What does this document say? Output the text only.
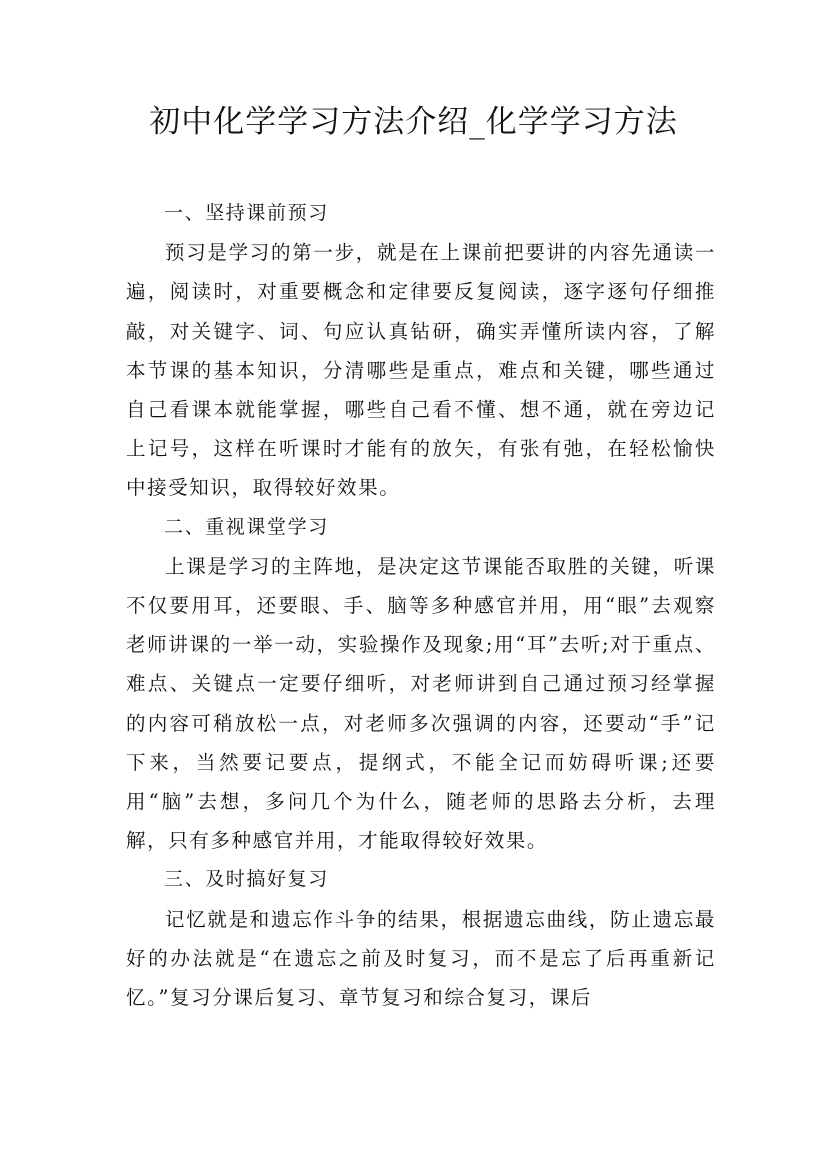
初中化学学习方法介绍_化学学习方法

一、坚持课前预习

预习是学习的第一步，就是在上课前把要讲的内容先通读一遍，阅读时，对重要概念和定律要反复阅读，逐字逐句仔细推敲，对关键字、词、句应认真钻研，确实弄懂所读内容，了解本节课的基本知识，分清哪些是重点，难点和关键，哪些通过自己看课本就能掌握，哪些自己看不懂、想不通，就在旁边记上记号，这样在听课时才能有的放矢，有张有弛，在轻松愉快中接受知识，取得较好效果。

二、重视课堂学习

上课是学习的主阵地，是决定这节课能否取胜的关键，听课不仅要用耳，还要眼、手、脑等多种感官并用，用“眼”去观察老师讲课的一举一动，实验操作及现象;用“耳”去听;对于重点、难点、关键点一定要仔细听，对老师讲到自己通过预习经掌握的内容可稍放松一点，对老师多次强调的内容，还要动“手”记下来，当然要记要点，提纲式，不能全记而妨碍听课;还要用“脑”去想，多问几个为什么，随老师的思路去分析，去理解，只有多种感官并用，才能取得较好效果。

三、及时搞好复习

记忆就是和遗忘作斗争的结果，根据遗忘曲线，防止遗忘最好的办法就是“在遗忘之前及时复习，而不是忘了后再重新记忆。”复习分课后复习、章节复习和综合复习，课后
